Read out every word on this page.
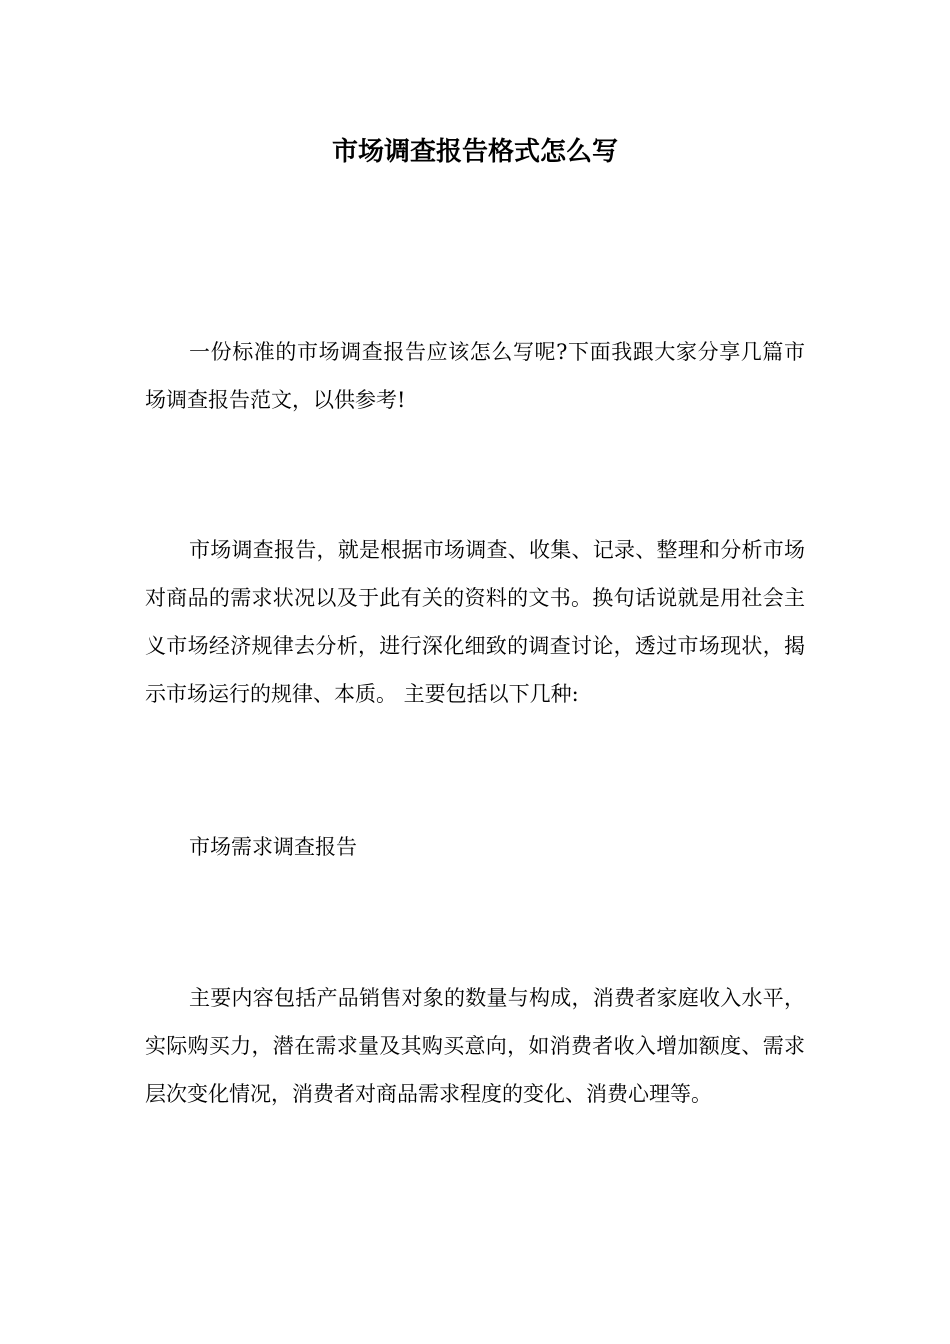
市场调查报告格式怎么写

一份标准的市场调查报告应该怎么写呢?下面我跟大家分享几篇市场调查报告范文，以供参考!

市场调查报告，就是根据市场调查、收集、记录、整理和分析市场对商品的需求状况以及于此有关的资料的文书。换句话说就是用社会主义市场经济规律去分析，进行深化细致的调查讨论，透过市场现状，揭示市场运行的规律、本质。 主要包括以下几种:

市场需求调查报告

主要内容包括产品销售对象的数量与构成，消费者家庭收入水平，实际购买力，潜在需求量及其购买意向，如消费者收入增加额度、需求层次变化情况，消费者对商品需求程度的变化、消费心理等。
